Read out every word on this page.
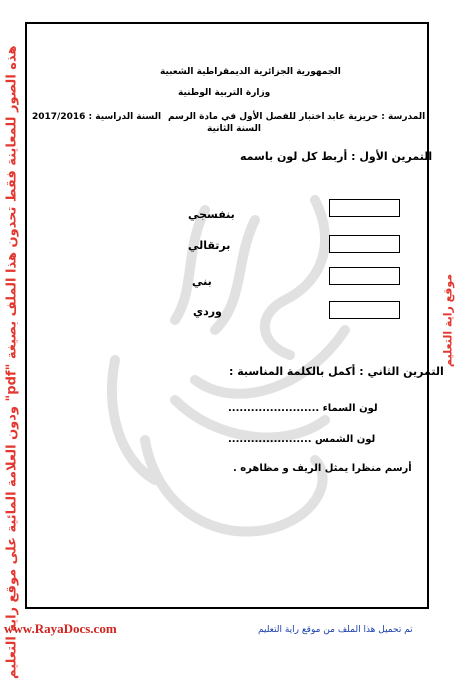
هذه الصور للمعاينة فقط تحدون هذا الملف بصيغة "pdf" ودون العلامة المائية على موقع راية التعليم	موقع راية التعليم
الجمهورية الجزائرية الديمقراطية الشعبية
وزارة التربية الوطنية
المدرسة : حريزية عابد
اختبار للفصل الأول في مادة الرسم
السنة الثانية
السنة الدراسية : 2017/2016
التمرين الأول : أربط كل لون باسمه
بنفسجي
برتقالي
بني
وردي
التمرين الثاني : أكمل بالكلمة المناسبة :
لون السماء ........................
لون الشمس ......................
أرسم منظرا يمثل الريف و مظاهره .
www.RayaDocs.com	تم تحميل هذا الملف من موقع راية التعليم
